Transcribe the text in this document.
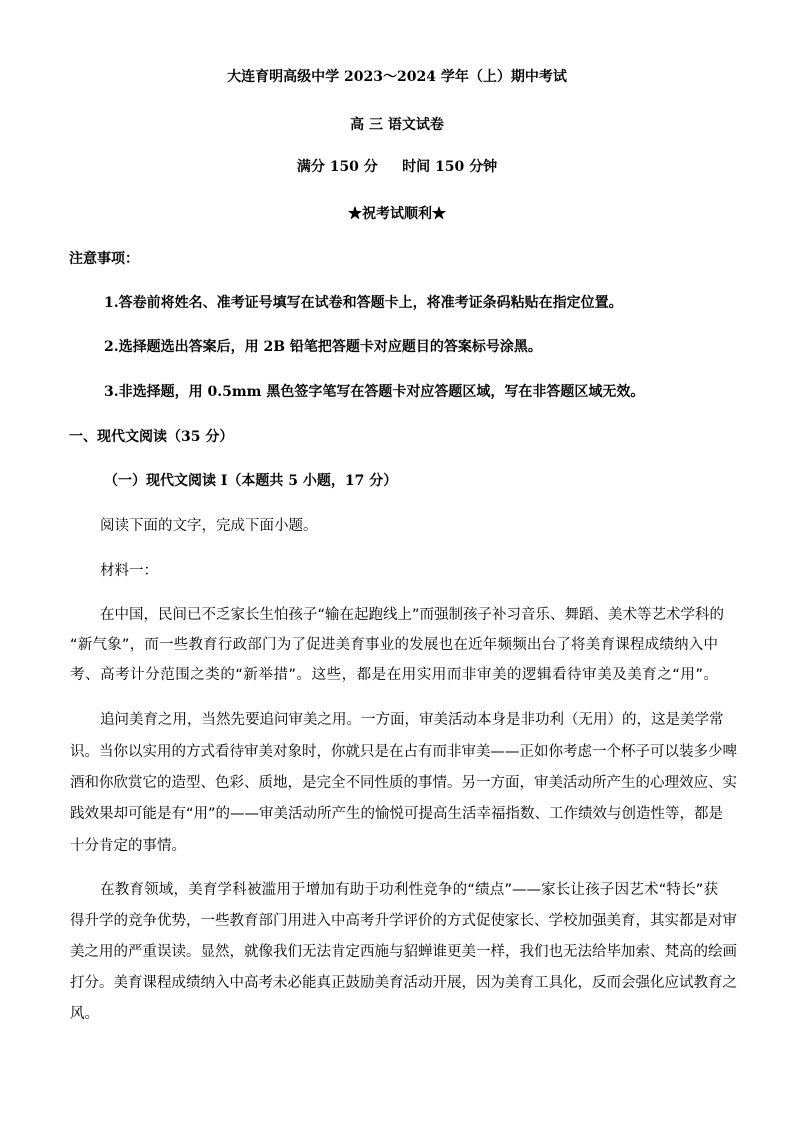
大连育明高级中学 2023～2024 学年（上）期中考试
高 三 语文试卷
满分 150 分     时间 150 分钟
★祝考试顺利★
注意事项：
1.答卷前将姓名、准考证号填写在试卷和答题卡上，将准考证条码粘贴在指定位置。
2.选择题选出答案后，用 2B 铅笔把答题卡对应题目的答案标号涂黑。
3.非选择题，用 0.5mm 黑色签字笔写在答题卡对应答题区域，写在非答题区域无效。
一、现代文阅读（35 分）
（一）现代文阅读 I（本题共 5 小题，17 分）
阅读下面的文字，完成下面小题。
材料一：
在中国，民间已不乏家长生怕孩子“输在起跑线上”而强制孩子补习音乐、舞蹈、美术等艺术学科的
“新气象”，而一些教育行政部门为了促进美育事业的发展也在近年频频出台了将美育课程成绩纳入中
考、高考计分范围之类的“新举措”。这些，都是在用实用而非审美的逻辑看待审美及美育之“用”。
追问美育之用，当然先要追问审美之用。一方面，审美活动本身是非功利（无用）的，这是美学常
识。当你以实用的方式看待审美对象时，你就只是在占有而非审美——正如你考虑一个杯子可以装多少啤
酒和你欣赏它的造型、色彩、质地，是完全不同性质的事情。另一方面，审美活动所产生的心理效应、实
践效果却可能是有“用”的——审美活动所产生的愉悦可提高生活幸福指数、工作绩效与创造性等，都是
十分肯定的事情。
在教育领域，美育学科被滥用于增加有助于功利性竞争的“绩点”——家长让孩子因艺术“特长”获
得升学的竞争优势，一些教育部门用进入中高考升学评价的方式促使家长、学校加强美育，其实都是对审
美之用的严重误读。显然，就像我们无法肯定西施与貂蝉谁更美一样，我们也无法给毕加索、梵高的绘画
打分。美育课程成绩纳入中高考未必能真正鼓励美育活动开展，因为美育工具化，反而会强化应试教育之
风。
